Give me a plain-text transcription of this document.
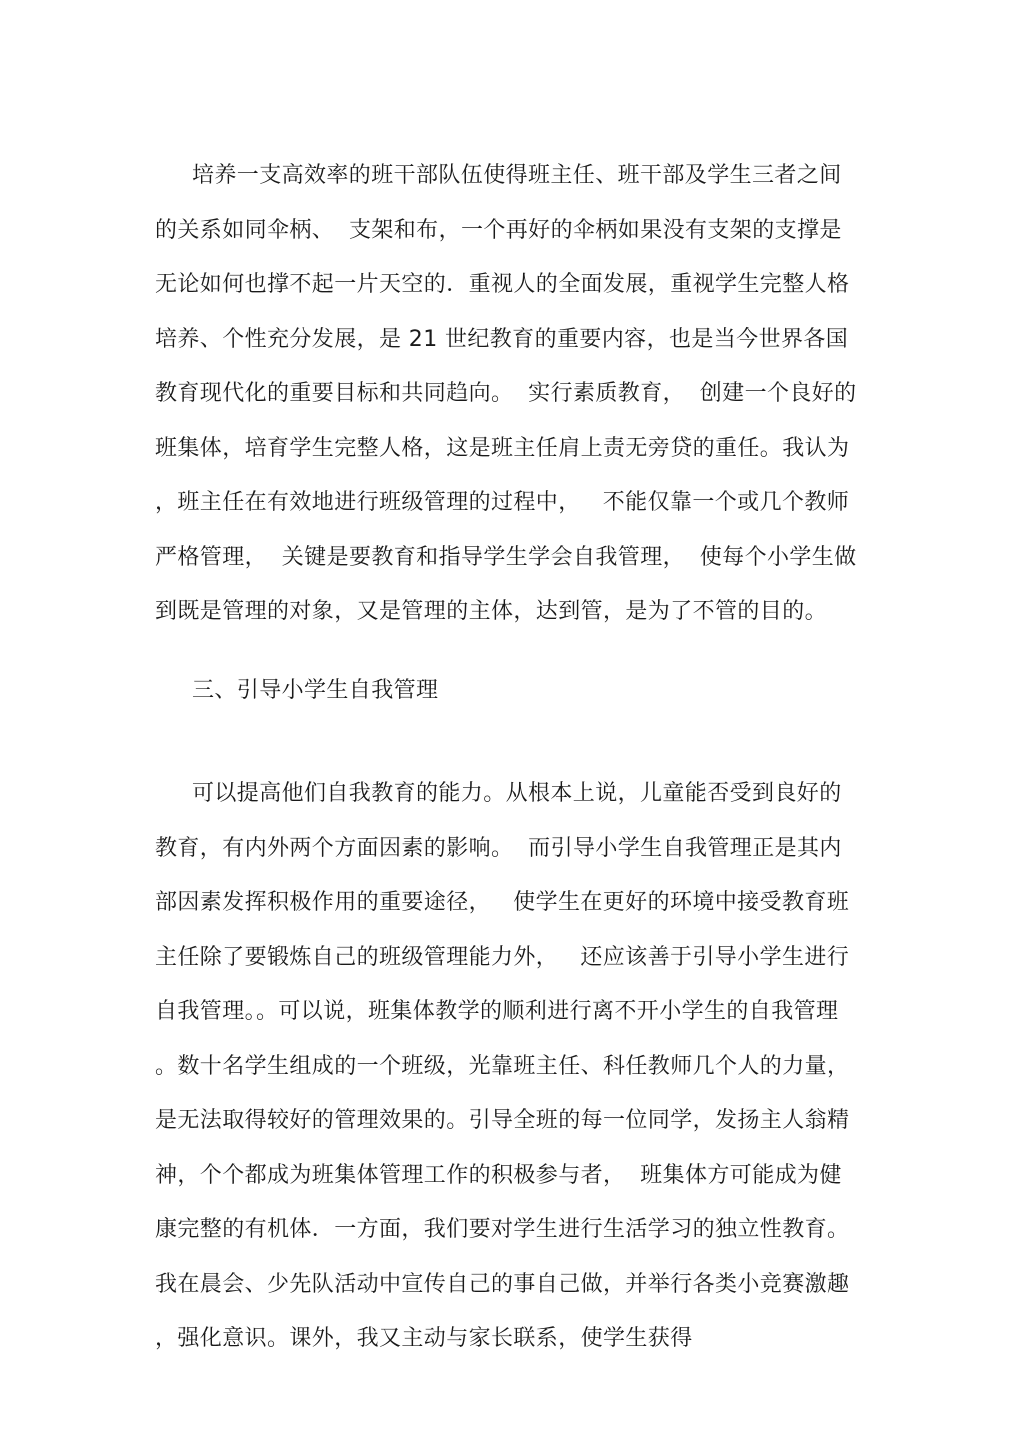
培养一支高效率的班干部队伍使得班主任、班干部及学生三者之间
的关系如同伞柄、  支架和布，一个再好的伞柄如果没有支架的支撑是
无论如何也撑不起一片天空的．重视人的全面发展，重视学生完整人格
培养、个性充分发展，是 21 世纪教育的重要内容，也是当今世界各国
教育现代化的重要目标和共同趋向。  实行素质教育，  创建一个良好的
班集体，培育学生完整人格，这是班主任肩上责无旁贷的重任。我认为
，班主任在有效地进行班级管理的过程中，   不能仅靠一个或几个教师
严格管理，  关键是要教育和指导学生学会自我管理，  使每个小学生做
到既是管理的对象，又是管理的主体，达到管，是为了不管的目的。
三、引导小学生自我管理
可以提高他们自我教育的能力。从根本上说，儿童能否受到良好的
教育，有内外两个方面因素的影响。  而引导小学生自我管理正是其内
部因素发挥积极作用的重要途径，   使学生在更好的环境中接受教育班
主任除了要锻炼自己的班级管理能力外，   还应该善于引导小学生进行
自我管理。。可以说，班集体教学的顺利进行离不开小学生的自我管理
。数十名学生组成的一个班级，光靠班主任、科任教师几个人的力量，
是无法取得较好的管理效果的。引导全班的每一位同学，发扬主人翁精
神，个个都成为班集体管理工作的积极参与者，  班集体方可能成为健
康完整的有机体．一方面，我们要对学生进行生活学习的独立性教育。
我在晨会、少先队活动中宣传自己的事自己做，并举行各类小竞赛激趣
，强化意识。课外，我又主动与家长联系，使学生获得
